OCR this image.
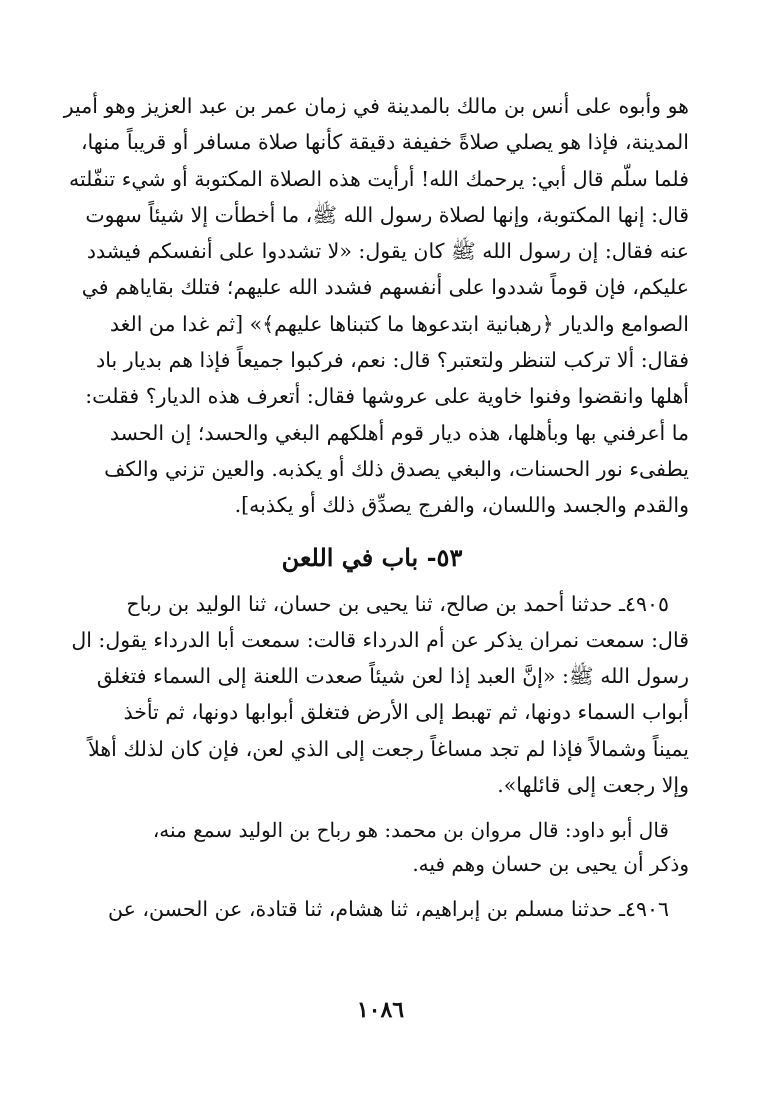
هو وأبوه على أنس بن مالك بالمدينة في زمان عمر بن عبد العزيز وهو أمير
المدينة، فإذا هو يصلي صلاةً خفيفة دقيقة كأنها صلاة مسافر أو قريباً منها،
فلما سلّم قال أبي: يرحمك الله! أرأيت هذه الصلاة المكتوبة أو شيء تنفّلته
قال: إنها المكتوبة، وإنها لصلاة رسول الله ﷺ، ما أخطأت إلا شيئاً سهوت
عنه فقال: إن رسول الله ﷺ كان يقول: «لا تشددوا على أنفسكم فيشدد
عليكم، فإن قوماً شددوا على أنفسهم فشدد الله عليهم؛ فتلك بقاياهم في
الصوامع والديار ﴿رهبانية ابتدعوها ما كتبناها عليهم﴾» [ثم غدا من الغد
فقال: ألا تركب لتنظر ولتعتبر؟ قال: نعم، فركبوا جميعاً فإذا هم بديار باد
أهلها وانقضوا وفنوا خاوية على عروشها فقال: أتعرف هذه الديار؟ فقلت:
ما أعرفني بها وبأهلها، هذه ديار قوم أهلكهم البغي والحسد؛ إن الحسد
يطفىء نور الحسنات، والبغي يصدق ذلك أو يكذبه. والعين تزني والكف
والقدم والجسد واللسان، والفرج يصدِّق ذلك أو يكذبه].
٥٣- باب في اللعن
٤٩٠٥ـ حدثنا أحمد بن صالح، ثنا يحيى بن حسان، ثنا الوليد بن رباح
قال: سمعت نمران يذكر عن أم الدرداء قالت: سمعت أبا الدرداء يقول: ال
رسول الله ﷺ: «إنَّ العبد إذا لعن شيئاً صعدت اللعنة إلى السماء فتغلق
أبواب السماء دونها، ثم تهبط إلى الأرض فتغلق أبوابها دونها، ثم تأخذ
يميناً وشمالاً فإذا لم تجد مساغاً رجعت إلى الذي لعن، فإن كان لذلك أهلاً
وإلا رجعت إلى قائلها».
قال أبو داود: قال مروان بن محمد: هو رباح بن الوليد سمع منه،
وذكر أن يحيى بن حسان وهم فيه.
٤٩٠٦ـ حدثنا مسلم بن إبراهيم، ثنا هشام، ثنا قتادة، عن الحسن، عن
١٠٨٦
